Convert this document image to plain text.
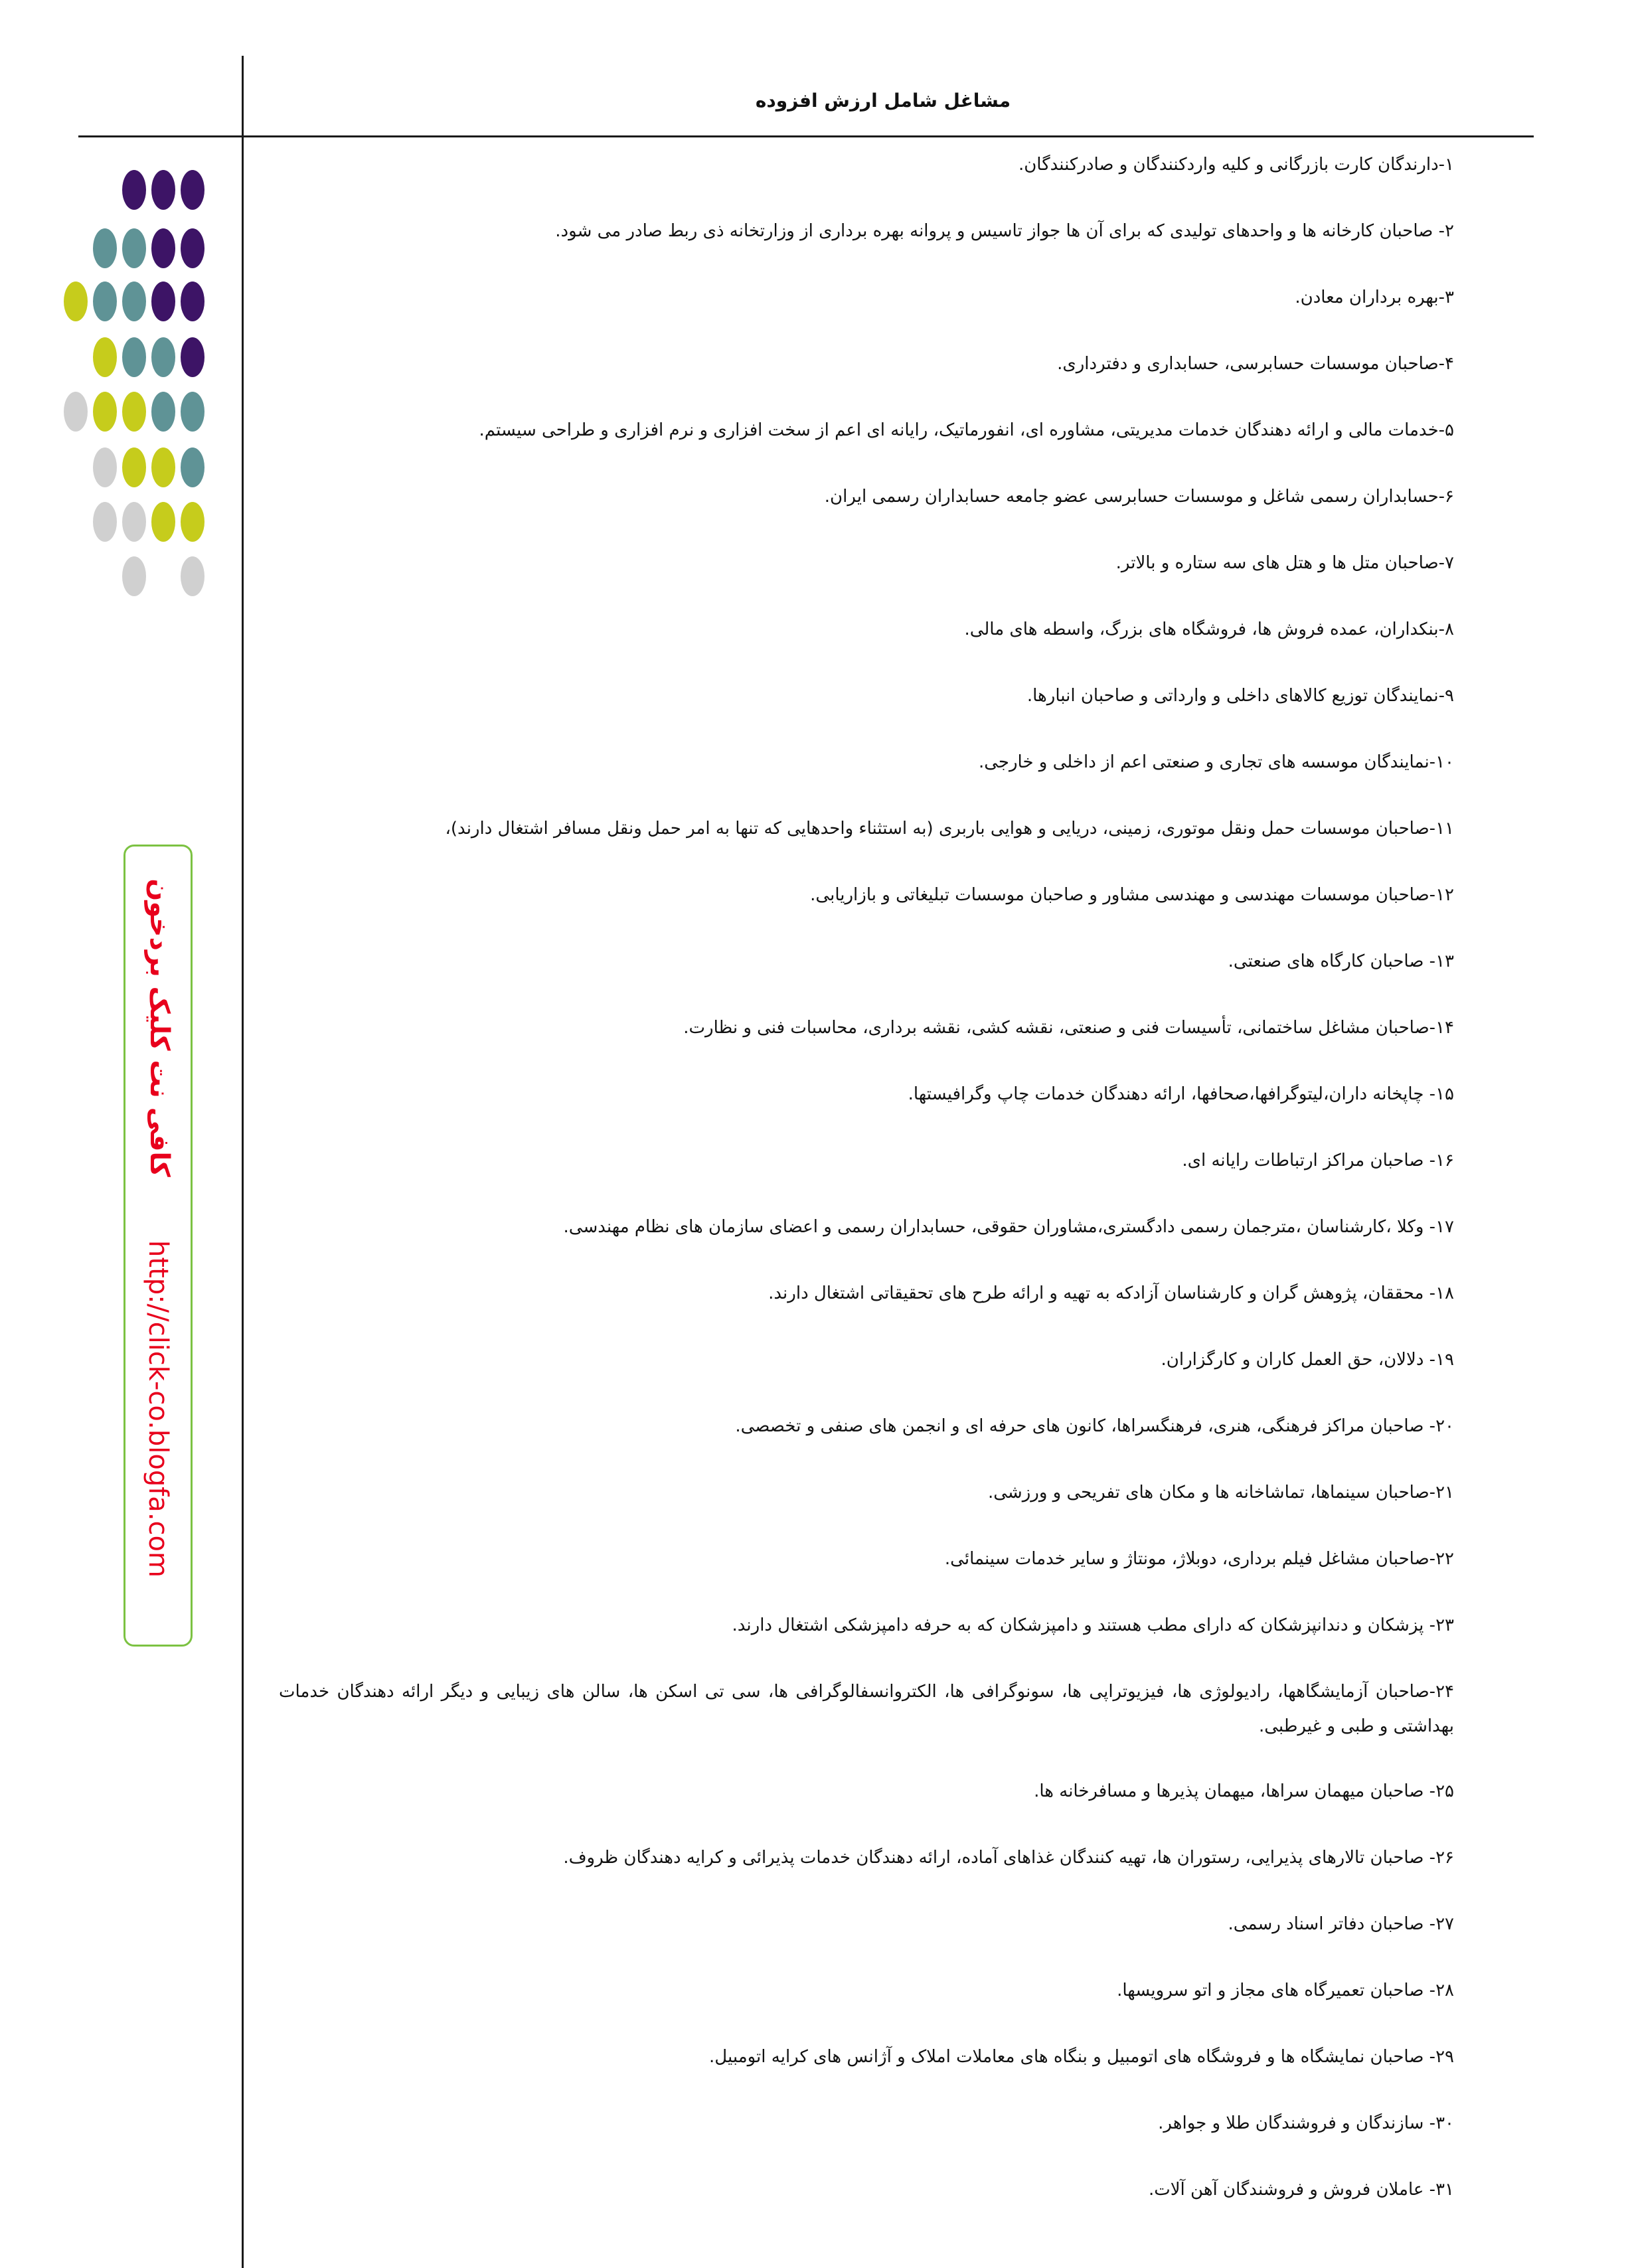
مشاغل شامل ارزش افزوده
کافی نت کلیک بردخون
http://click-co.blogfa.com
۱-دارندگان کارت بازرگانی و کلیه واردکنندگان و صادرکنندگان.
۲- صاحبان کارخانه ها و واحدهای تولیدی که برای آن ها جواز تاسیس و پروانه بهره برداری از وزارتخانه ذی ربط صادر می شود.
۳-بهره برداران معادن.
۴-صاحبان موسسات حسابرسی، حسابداری و دفترداری.
۵-خدمات مالی و ارائه دهندگان خدمات مدیریتی، مشاوره ای، انفورماتیک، رایانه ای اعم از سخت افزاری و نرم افزاری و طراحی سیستم.
۶-حسابداران رسمی شاغل و موسسات حسابرسی عضو جامعه حسابداران رسمی ایران.
۷-صاحبان متل ها و هتل های سه ستاره و بالاتر.
۸-بنکداران، عمده فروش ها، فروشگاه های بزرگ، واسطه های مالی.
۹-نمایندگان توزیع کالاهای داخلی و وارداتی و صاحبان انبارها.
۱۰-نمایندگان موسسه های تجاری و صنعتی اعم از داخلی و خارجی.
۱۱-صاحبان موسسات حمل ونقل موتوری، زمینی، دریایی و هوایی باربری (به استثناء واحدهایی که تنها به امر حمل ونقل مسافر اشتغال دارند)،
۱۲-صاحبان موسسات مهندسی و مهندسی مشاور و صاحبان موسسات تبلیغاتی و بازاریابی.
۱۳- صاحبان کارگاه های صنعتی.
۱۴-صاحبان مشاغل ساختمانی، تأسیسات فنی و صنعتی، نقشه کشی، نقشه برداری، محاسبات فنی و نظارت.
۱۵- چاپخانه داران،لیتوگرافها،صحافها، ارائه دهندگان خدمات چاپ وگرافیستها.
۱۶- صاحبان مراکز ارتباطات رایانه ای.
۱۷- وکلا ،کارشناسان ،مترجمان رسمی دادگستری،مشاوران حقوقی، حسابداران رسمی و اعضای سازمان های نظام مهندسی.
۱۸- محققان، پژوهش گران و کارشناسان آزادکه به تهیه و ارائه طرح های تحقیقاتی اشتغال دارند.
۱۹- دلالان، حق العمل کاران و کارگزاران.
۲۰- صاحبان مراکز فرهنگی، هنری، فرهنگسراها، کانون های حرفه ای و انجمن های صنفی و تخصصی.
۲۱-صاحبان سینماها، تماشاخانه ها و مکان های تفریحی و ورزشی.
۲۲-صاحبان مشاغل فیلم برداری، دوبلاژ، مونتاژ و سایر خدمات سینمائی.
۲۳- پزشکان و دندانپزشکان که دارای مطب هستند و دامپزشکان که به حرفه دامپزشکی اشتغال دارند.
۲۴-صاحبان آزمایشگاهها، رادیولوژی ها، فیزیوتراپی ها، سونوگرافی ها، الکتروانسفالوگرافی ها، سی تی اسکن ها، سالن های زیبایی و دیگر ارائه دهندگان خدمات بهداشتی و طبی و غیرطبی.
۲۵- صاحبان میهمان سراها، میهمان پذیرها و مسافرخانه ها.
۲۶- صاحبان تالارهای پذیرایی، رستوران ها، تهیه کنندگان غذاهای آماده، ارائه دهندگان خدمات پذیرائی و کرایه دهندگان ظروف.
۲۷- صاحبان دفاتر اسناد رسمی.
۲۸- صاحبان تعمیرگاه های مجاز و اتو سرویسها.
۲۹- صاحبان نمایشگاه ها و فروشگاه های اتومبیل و بنگاه های معاملات املاک و آژانس های کرایه اتومبیل.
۳۰- سازندگان و فروشندگان طلا و جواهر.
۳۱- عاملان فروش و فروشندگان آهن آلات.
